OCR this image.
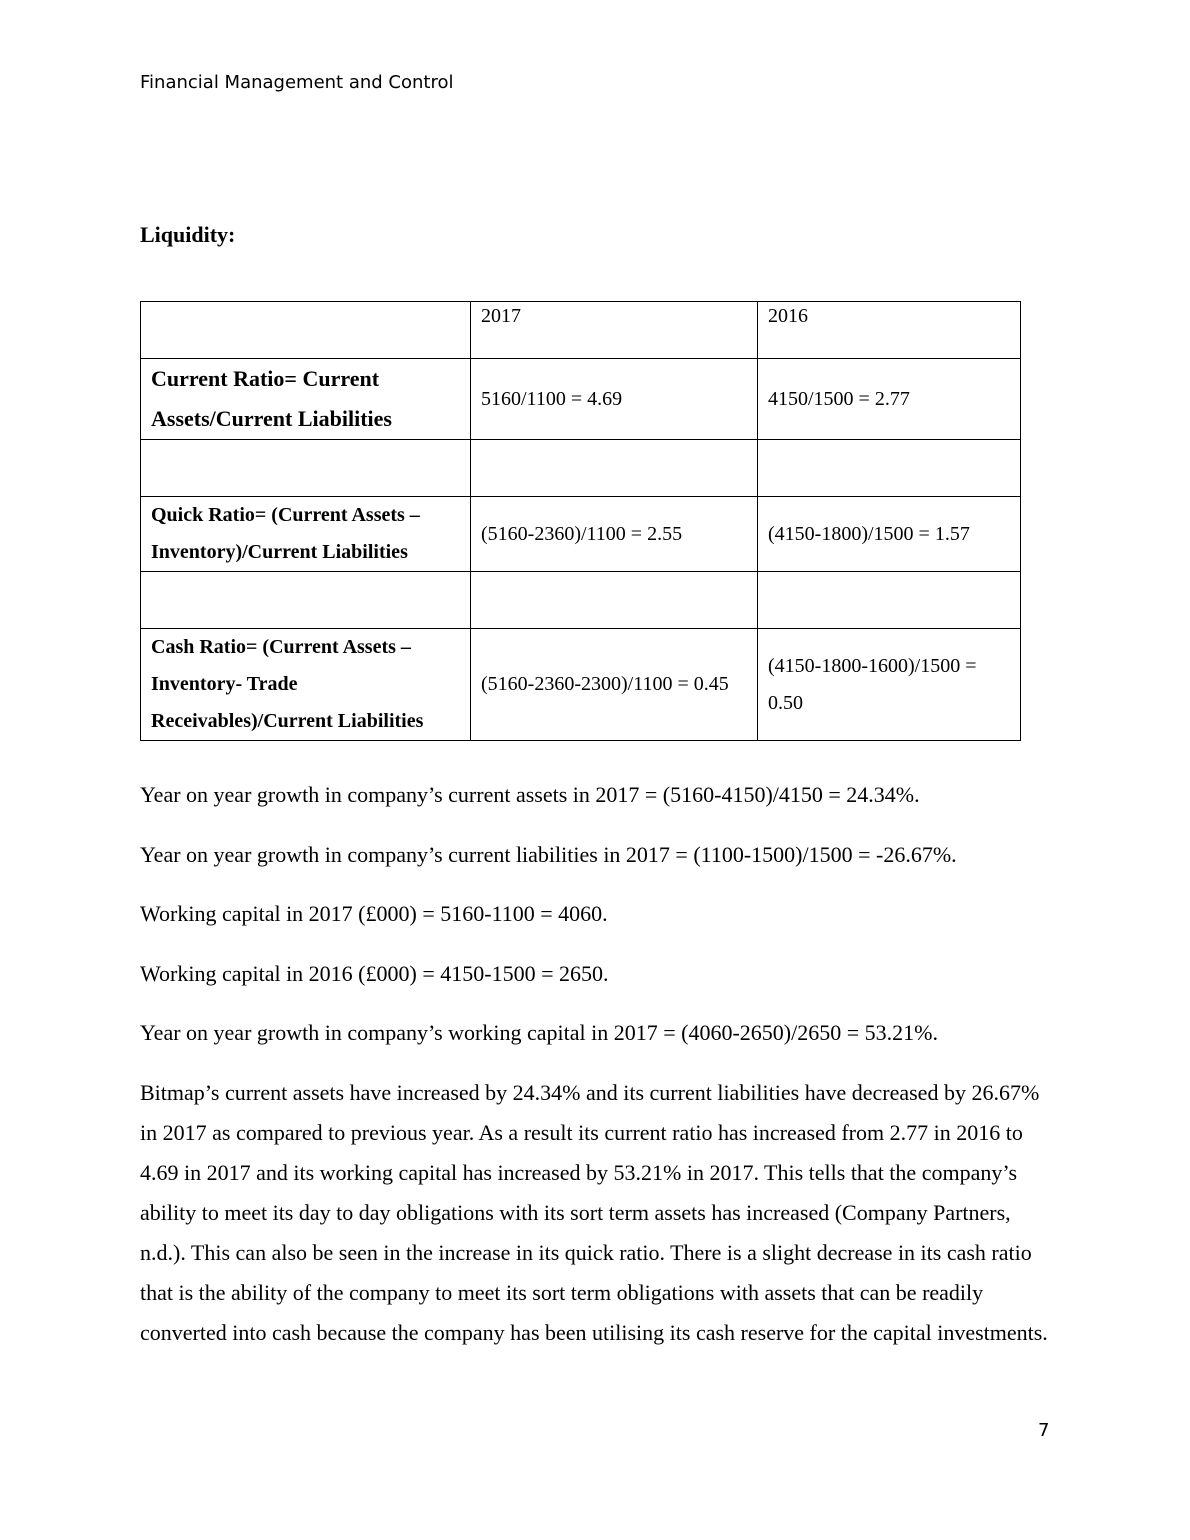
Financial Management and Control
Liquidity:
	2017	2016
Current Ratio= Current Assets/Current Liabilities	5160/1100 = 4.69	4150/1500 = 2.77

Quick Ratio= (Current Assets – Inventory)/Current Liabilities	(5160-2360)/1100 = 2.55	(4150-1800)/1500 = 1.57

Cash Ratio= (Current Assets – Inventory- Trade Receivables)/Current Liabilities	(5160-2360-2300)/1100 = 0.45	(4150-1800-1600)/1500 = 0.50

Year on year growth in company’s current assets in 2017 = (5160-4150)/4150 = 24.34%.

Year on year growth in company’s current liabilities in 2017 = (1100-1500)/1500 = -26.67%.

Working capital in 2017 (£000) = 5160-1100 = 4060.

Working capital in 2016 (£000) = 4150-1500 = 2650.

Year on year growth in company’s working capital in 2017 = (4060-2650)/2650 = 53.21%.

Bitmap’s current assets have increased by 24.34% and its current liabilities have decreased by 26.67% in 2017 as compared to previous year. As a result its current ratio has increased from 2.77 in 2016 to 4.69 in 2017 and its working capital has increased by 53.21% in 2017. This tells that the company’s ability to meet its day to day obligations with its sort term assets has increased (Company Partners, n.d.). This can also be seen in the increase in its quick ratio. There is a slight decrease in its cash ratio that is the ability of the company to meet its sort term obligations with assets that can be readily converted into cash because the company has been utilising its cash reserve for the capital investments.

7
